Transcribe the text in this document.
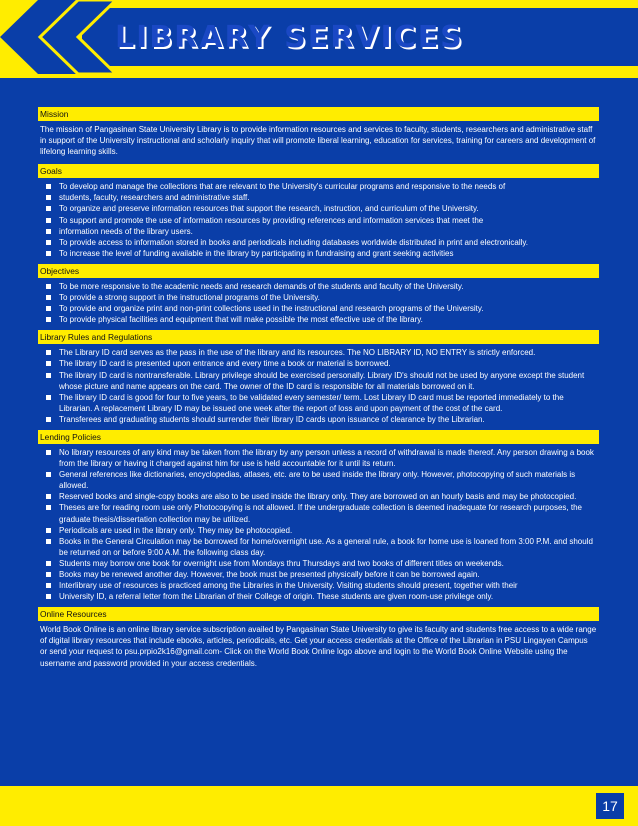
LIBRARY SERVICES
Mission
The mission of Pangasinan State University Library is to provide information resources and services to faculty, students, researchers and administrative staff in support of the University instructional and scholarly inquiry that will promote liberal learning, education for services, training for careers and development of lifelong learning skills.
Goals
To develop and manage the collections that are relevant to the University's curricular programs and responsive to the needs of
students, faculty, researchers and administrative staff.
To organize and preserve information resources that support the research, instruction, and curriculum of the University.
To support and promote the use of information resources by providing references and information services that meet the
information needs of the library users.
To provide access to information stored in books and periodicals including databases worldwide distributed in print and electronically.
To increase the level of funding available in the library by participating in fundraising and grant seeking activities
Objectives
To be more responsive to the academic needs and research demands of the students and faculty of the University.
To provide a strong support in the instructional programs of the University.
To provide and organize print and non-print collections used in the instructional and research programs of the University.
To provide physical facilities and equipment that will make possible the most effective use of the library.
Library Rules and Regulations
The Library ID card serves as the pass in the use of the library and its resources. The NO LIBRARY ID, NO ENTRY is strictly enforced.
The library ID card is presented upon entrance and every time a book or material is borrowed.
The library ID card is nontransferable. Library privilege should be exercised personally. Library ID's should not be used by anyone except the student whose picture and name appears on the card. The owner of the ID card is responsible for all materials borrowed on it.
The library ID card is good for four to five years, to be validated every semester/ term. Lost Library ID card must be reported immediately to the Librarian. A replacement Library ID may be issued one week after the report of loss and upon payment of the cost of the card.
Transferees and graduating students should surrender their library ID cards upon issuance of clearance by the Librarian.
Lending Policies
No library resources of any kind may be taken from the library by any person unless a record of withdrawal is made thereof. Any person drawing a book from the library or having it charged against him for use is held accountable for it until its return.
General references like dictionaries, encyclopedias, atlases, etc. are to be used inside the library only. However, photocopying of such materials is allowed.
Reserved books and single-copy books are also to be used inside the library only. They are borrowed on an hourly basis and may be photocopied.
Theses are for reading room use only Photocopying is not allowed. If the undergraduate collection is deemed inadequate for research purposes, the graduate thesis/dissertation collection may be utilized.
Periodicals are used in the library only. They may be photocopied.
Books in the General Circulation may be borrowed for home/overnight use. As a general rule, a book for home use is loaned from 3:00 P.M. and should be returned on or before 9:00 A.M. the following class day.
Students may borrow one book for overnight use from Mondays thru Thursdays and two books of different titles on weekends.
Books may be renewed another day. However, the book must be presented physically before it can be borrowed again.
Interlibrary use of resources is practiced among the Libraries in the University. Visiting students should present, together with their
University ID, a referral letter from the Librarian of their College of origin. These students are given room-use privilege only.
Online Resources
World Book Online is an online library service subscription availed by Pangasinan State University to give its faculty and students free access to a wide range of digital library resources that include ebooks, articles, periodicals, etc. Get your access credentials at the Office of the Librarian in PSU Lingayen Campus or send your request to psu.prpio2k16@gmail.com- Click on the World Book Online logo above and login to the World Book Online Website using the username and password provided in your access credentials.
17
